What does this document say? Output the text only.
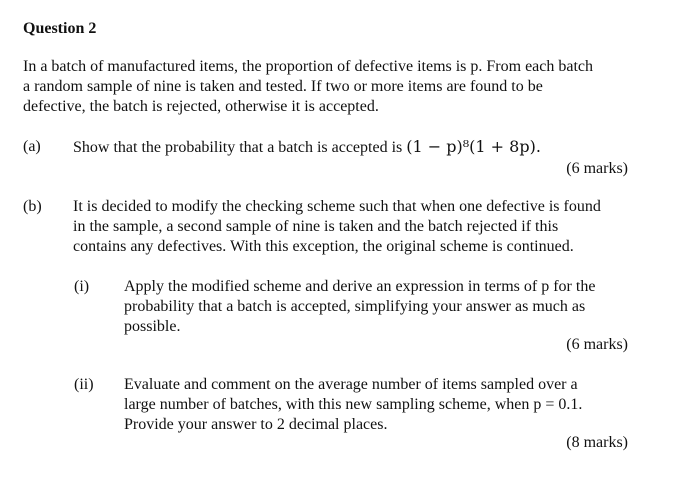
Question 2
In a batch of manufactured items, the proportion of defective items is p. From each batch
a random sample of nine is taken and tested. If two or more items are found to be
defective, the batch is rejected, otherwise it is accepted.
(a) Show that the probability that a batch is accepted is (1 − p)⁸(1 + 8p).
(6 marks)
(b) It is decided to modify the checking scheme such that when one defective is found
in the sample, a second sample of nine is taken and the batch rejected if this
contains any defectives. With this exception, the original scheme is continued.
(i) Apply the modified scheme and derive an expression in terms of p for the
probability that a batch is accepted, simplifying your answer as much as
possible.
(6 marks)
(ii) Evaluate and comment on the average number of items sampled over a
large number of batches, with this new sampling scheme, when p = 0.1.
Provide your answer to 2 decimal places.
(8 marks)
